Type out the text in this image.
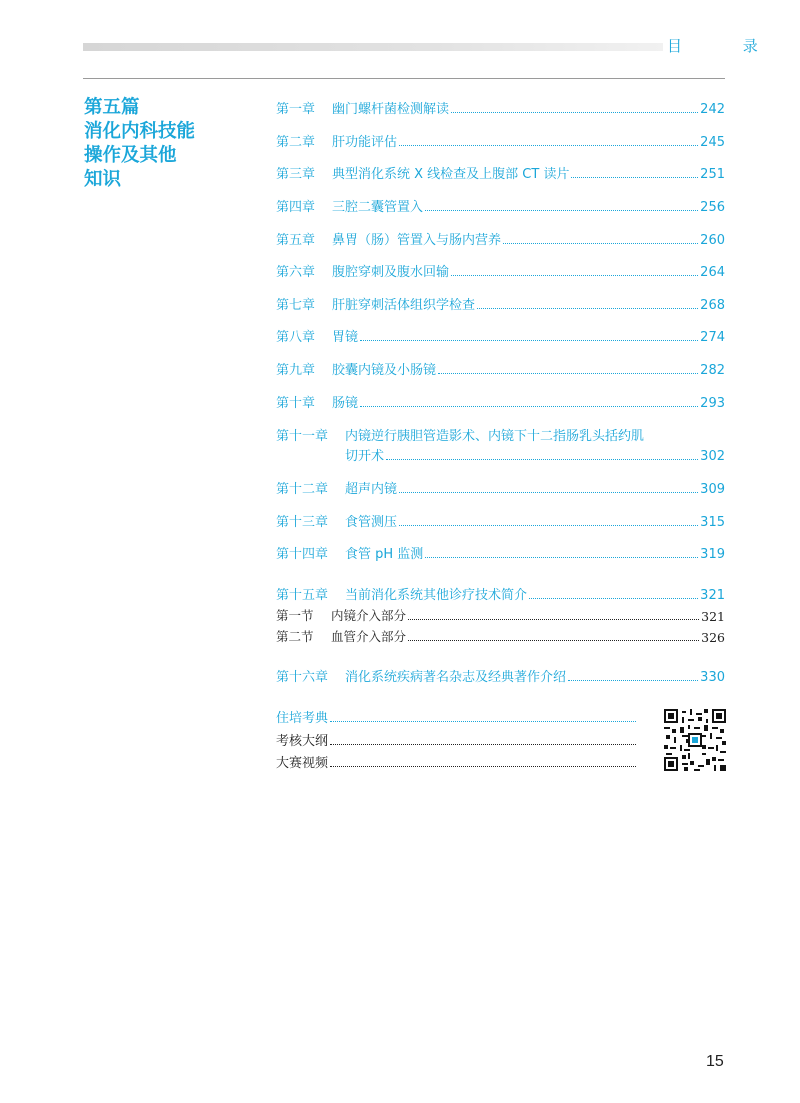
目 录
第五篇
消化内科技能
操作及其他
知识
第一章	幽门螺杆菌检测解读	242
第二章	肝功能评估	245
第三章	典型消化系统 X 线检查及上腹部 CT 读片	251
第四章	三腔二囊管置入	256
第五章	鼻胃（肠）管置入与肠内营养	260
第六章	腹腔穿刺及腹水回输	264
第七章	肝脏穿刺活体组织学检查	268
第八章	胃镜	274
第九章	胶囊内镜及小肠镜	282
第十章	肠镜	293
第十一章	内镜逆行胰胆管造影术、内镜下十二指肠乳头括约肌
切开术	302
第十二章	超声内镜	309
第十三章	食管测压	315
第十四章	食管 pH 监测	319
第十五章	当前消化系统其他诊疗技术简介	321
第一节	内镜介入部分	321
第二节	血管介入部分	326
第十六章	消化系统疾病著名杂志及经典著作介绍	330
住培考典
考核大纲
大赛视频
15
